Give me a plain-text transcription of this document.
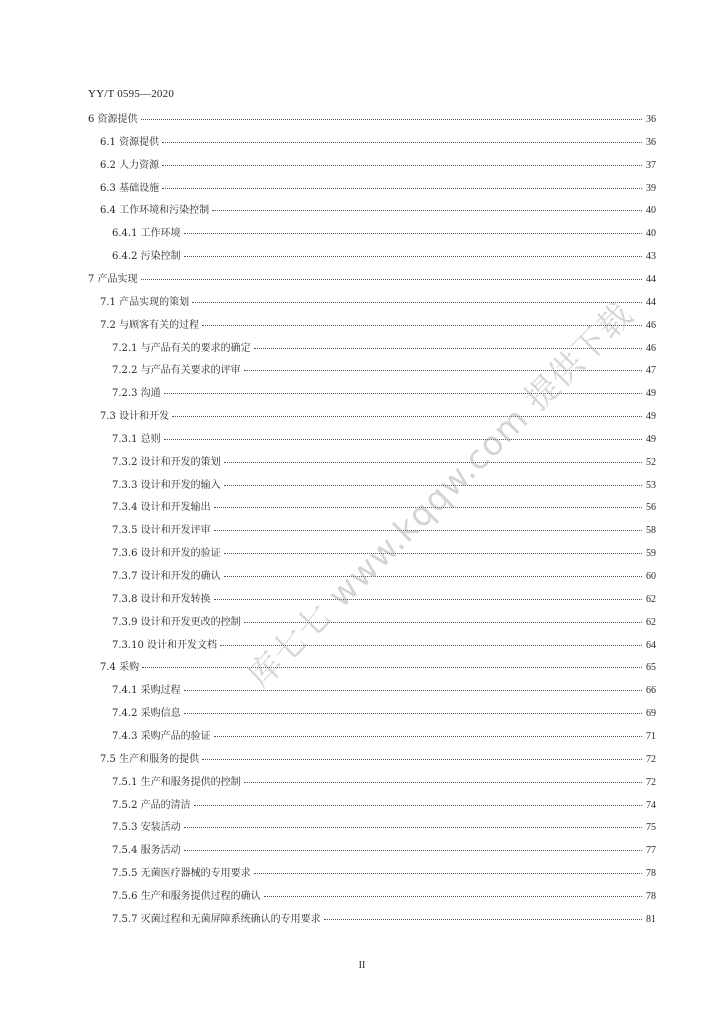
YY/T 0595—2020
6 资源提供	36
6.1 资源提供	36
6.2 人力资源	37
6.3 基础设施	39
6.4 工作环境和污染控制	40
6.4.1 工作环境	40
6.4.2 污染控制	43
7 产品实现	44
7.1 产品实现的策划	44
7.2 与顾客有关的过程	46
7.2.1 与产品有关的要求的确定	46
7.2.2 与产品有关要求的评审	47
7.2.3 沟通	49
7.3 设计和开发	49
7.3.1 总则	49
7.3.2 设计和开发的策划	52
7.3.3 设计和开发的输入	53
7.3.4 设计和开发输出	56
7.3.5 设计和开发评审	58
7.3.6 设计和开发的验证	59
7.3.7 设计和开发的确认	60
7.3.8 设计和开发转换	62
7.3.9 设计和开发更改的控制	62
7.3.10 设计和开发文档	64
7.4 采购	65
7.4.1 采购过程	66
7.4.2 采购信息	69
7.4.3 采购产品的验证	71
7.5 生产和服务的提供	72
7.5.1 生产和服务提供的控制	72
7.5.2 产品的清洁	74
7.5.3 安装活动	75
7.5.4 服务活动	77
7.5.5 无菌医疗器械的专用要求	78
7.5.6 生产和服务提供过程的确认	78
7.5.7 灭菌过程和无菌屏障系统确认的专用要求	81
II
库七七 www.kqqw.com 提供下载
